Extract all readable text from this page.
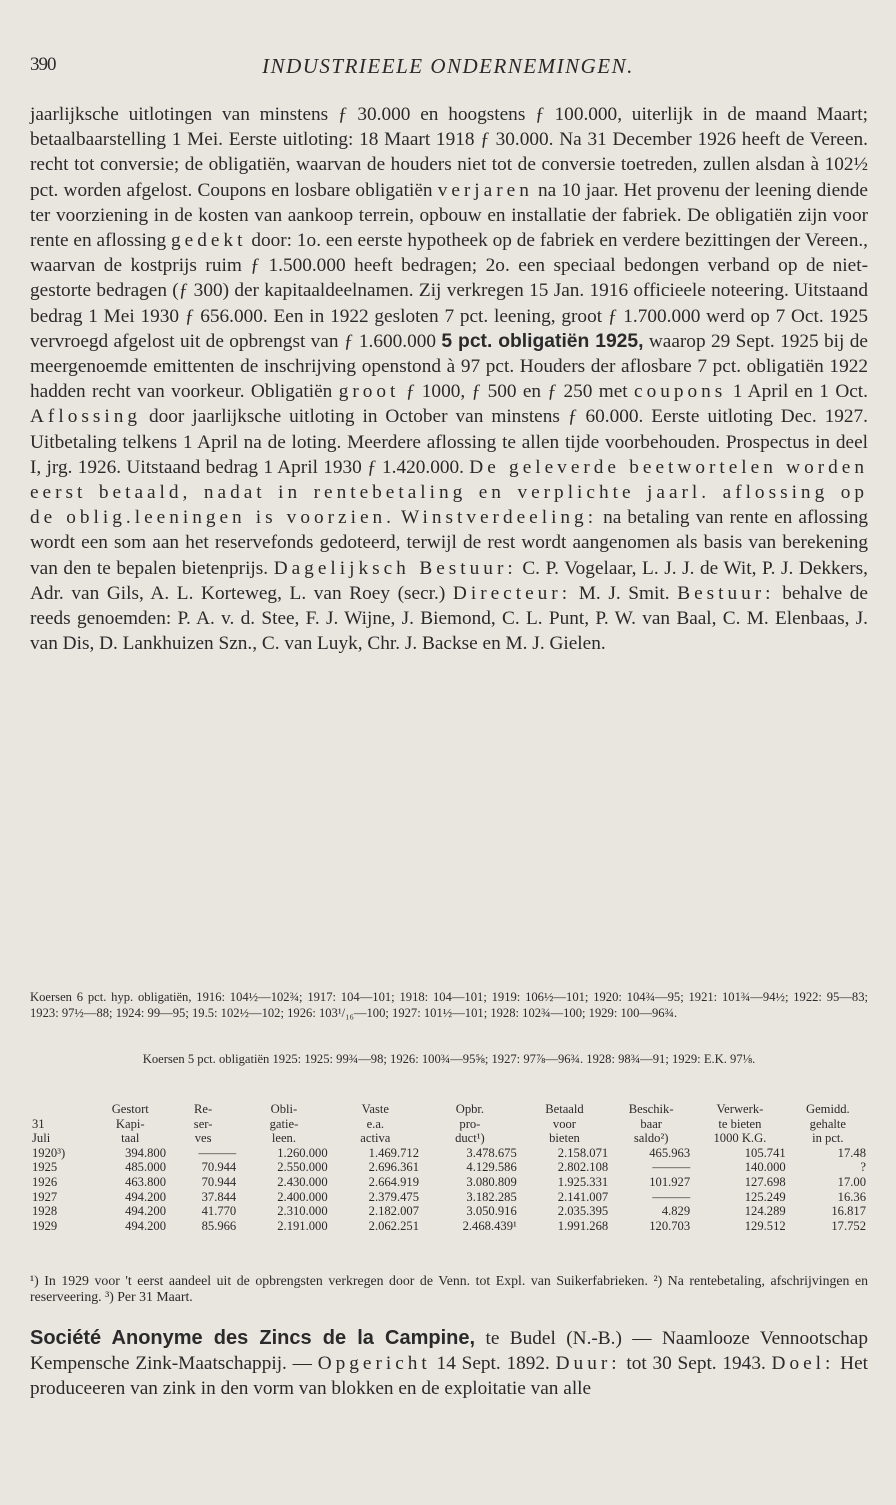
390	INDUSTRIEELE ONDERNEMINGEN.

jaarlijksche uitlotingen van minstens ƒ 30.000 en hoogstens ƒ 100.000, uiterlijk in de maand Maart; betaalbaarstelling 1 Mei. Eerste uitloting: 18 Maart 1918 ƒ 30.000. Na 31 December 1926 heeft de Vereen. recht tot conversie; de obligatiën, waarvan de houders niet tot de conversie toetreden, zullen alsdan à 102½ pct. worden afgelost. Coupons en losbare obligatiën verjaren na 10 jaar. Het provenu der leening diende ter voorziening in de kosten van aankoop terrein, opbouw en installatie der fabriek. De obligatiën zijn voor rente en aflossing gedekt door: 1o. een eerste hypotheek op de fabriek en verdere bezittingen der Vereen., waarvan de kostprijs ruim ƒ 1.500.000 heeft bedragen; 2o. een speciaal bedongen verband op de niet-gestorte bedragen (ƒ 300) der kapitaaldeelnamen. Zij verkregen 15 Jan. 1916 officieele noteering. Uitstaand bedrag 1 Mei 1930 ƒ 656.000. Een in 1922 gesloten 7 pct. leening, groot ƒ 1.700.000 werd op 7 Oct. 1925 vervroegd afgelost uit de opbrengst van ƒ 1.600.000 5 pct. obligatiën 1925, waarop 29 Sept. 1925 bij de meergenoemde emittenten de inschrijving openstond à 97 pct. Houders der aflosbare 7 pct. obligatiën 1922 hadden recht van voorkeur. Obligatiën groot ƒ 1000, ƒ 500 en ƒ 250 met coupons 1 April en 1 Oct. Aflossing door jaarlijksche uitloting in October van minstens ƒ 60.000. Eerste uitloting Dec. 1927. Uitbetaling telkens 1 April na de loting. Meerdere aflossing te allen tijde voorbehouden. Prospectus in deel I, jrg. 1926. Uitstaand bedrag 1 April 1930 ƒ 1.420.000. De geleverde beetwortelen worden eerst betaald, nadat in rentebetaling en verplichte jaarl. aflossing op de oblig.leeningen is voorzien. Winstverdeeling: na betaling van rente en aflossing wordt een som aan het reservefonds gedoteerd, terwijl de rest wordt aangenomen als basis van berekening van den te bepalen bietenprijs. Dagelijksch Bestuur: C. P. Vogelaar, L. J. J. de Wit, P. J. Dekkers, Adr. van Gils, A. L. Korteweg, L. van Roey (secr.) Directeur: M. J. Smit. Bestuur: behalve de reeds genoemden: P. A. v. d. Stee, F. J. Wijne, J. Biemond, C. L. Punt, P. W. van Baal, C. M. Elenbaas, J. van Dis, D. Lankhuizen Szn., C. van Luyk, Chr. J. Backse en M. J. Gielen.

Koersen 6 pct. hyp. obligatiën, 1916: 104½—102¾; 1917: 104—101; 1918: 104—101; 1919: 106½—101; 1920: 104¾—95; 1921: 101¾—94½; 1922: 95—83; 1923: 97½—88; 1924: 99—95; 19.5: 102½—102; 1926: 103¹/₁₆—100; 1927: 101½—101; 1928: 102¾—100; 1929: 100—96¾.

Koersen 5 pct. obligatiën 1925: 1925: 99¾—98; 1926: 100¾—95⅝; 1927: 97⅞—96¾. 1928: 98¾—91; 1929: E.K. 97⅛.

	Gestort	Re-	Obli-	Vaste	Opbr.	Betaald	Beschik-	Verwerk-	Gemidd.
31	Kapi-	ser-	gatie-	e.a.	pro-	voor	baar	te bieten	gehalte
Juli	taal	ves	leen.	activa	duct¹)	bieten	saldo²)	1000 K.G.	in pct.
1920³)	394.800	———	1.260.000	1.469.712	3.478.675	2.158.071	465.963	105.741	17.48
1925	485.000	70.944	2.550.000	2.696.361	4.129.586	2.802.108	———	140.000	?
1926	463.800	70.944	2.430.000	2.664.919	3.080.809	1.925.331	101.927	127.698	17.00
1927	494.200	37.844	2.400.000	2.379.475	3.182.285	2.141.007	———	125.249	16.36
1928	494.200	41.770	2.310.000	2.182.007	3.050.916	2.035.395	4.829	124.289	16.817
1929	494.200	85.966	2.191.000	2.062.251	2.468.439¹	1.991.268	120.703	129.512	17.752

¹) In 1929 voor 't eerst aandeel uit de opbrengsten verkregen door de Venn. tot Expl. van Suikerfabrieken. ²) Na rentebetaling, afschrijvingen en reserveering. ³) Per 31 Maart.

Société Anonyme des Zincs de la Campine, te Budel (N.-B.) — Naamlooze Vennootschap Kempensche Zink-Maatschappij. — Opgericht 14 Sept. 1892. Duur: tot 30 Sept. 1943. Doel: Het produceeren van zink in den vorm van blokken en de exploitatie van alle
